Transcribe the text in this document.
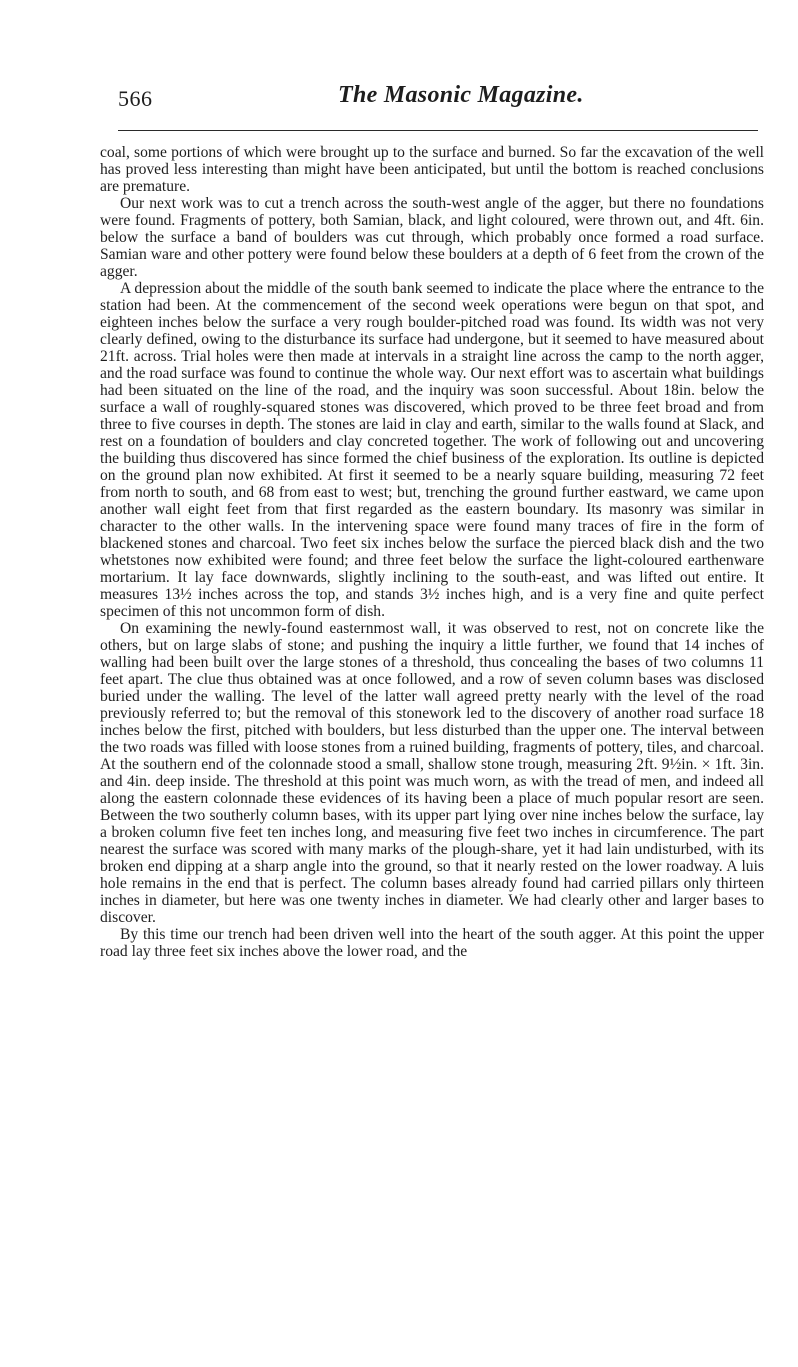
566	The Masonic Magazine.

coal, some portions of which were brought up to the surface and burned. So far the excavation of the well has proved less interesting than might have been anticipated, but until the bottom is reached conclusions are premature.

Our next work was to cut a trench across the south-west angle of the agger, but there no foundations were found. Fragments of pottery, both Samian, black, and light coloured, were thrown out, and 4ft. 6in. below the surface a band of boulders was cut through, which probably once formed a road surface. Samian ware and other pottery were found below these boulders at a depth of 6 feet from the crown of the agger.

A depression about the middle of the south bank seemed to indicate the place where the entrance to the station had been. At the commencement of the second week operations were begun on that spot, and eighteen inches below the surface a very rough boulder-pitched road was found. Its width was not very clearly defined, owing to the disturbance its surface had undergone, but it seemed to have measured about 21ft. across. Trial holes were then made at intervals in a straight line across the camp to the north agger, and the road surface was found to continue the whole way. Our next effort was to ascertain what buildings had been situated on the line of the road, and the inquiry was soon successful. About 18in. below the surface a wall of roughly-squared stones was discovered, which proved to be three feet broad and from three to five courses in depth. The stones are laid in clay and earth, similar to the walls found at Slack, and rest on a foundation of boulders and clay concreted together. The work of following out and uncovering the building thus discovered has since formed the chief business of the exploration. Its outline is depicted on the ground plan now exhibited. At first it seemed to be a nearly square building, measuring 72 feet from north to south, and 68 from east to west; but, trenching the ground further eastward, we came upon another wall eight feet from that first regarded as the eastern boundary. Its masonry was similar in character to the other walls. In the intervening space were found many traces of fire in the form of blackened stones and charcoal. Two feet six inches below the surface the pierced black dish and the two whetstones now exhibited were found; and three feet below the surface the light-coloured earthenware mortarium. It lay face downwards, slightly inclining to the south-east, and was lifted out entire. It measures 13½ inches across the top, and stands 3½ inches high, and is a very fine and quite perfect specimen of this not uncommon form of dish.

On examining the newly-found easternmost wall, it was observed to rest, not on concrete like the others, but on large slabs of stone; and pushing the inquiry a little further, we found that 14 inches of walling had been built over the large stones of a threshold, thus concealing the bases of two columns 11 feet apart. The clue thus obtained was at once followed, and a row of seven column bases was disclosed buried under the walling. The level of the latter wall agreed pretty nearly with the level of the road previously referred to; but the removal of this stonework led to the discovery of another road surface 18 inches below the first, pitched with boulders, but less disturbed than the upper one. The interval between the two roads was filled with loose stones from a ruined building, fragments of pottery, tiles, and charcoal. At the southern end of the colonnade stood a small, shallow stone trough, measuring 2ft. 9½in. × 1ft. 3in. and 4in. deep inside. The threshold at this point was much worn, as with the tread of men, and indeed all along the eastern colonnade these evidences of its having been a place of much popular resort are seen. Between the two southerly column bases, with its upper part lying over nine inches below the surface, lay a broken column five feet ten inches long, and measuring five feet two inches in circumference. The part nearest the surface was scored with many marks of the plough-share, yet it had lain undisturbed, with its broken end dipping at a sharp angle into the ground, so that it nearly rested on the lower roadway. A luis hole remains in the end that is perfect. The column bases already found had carried pillars only thirteen inches in diameter, but here was one twenty inches in diameter. We had clearly other and larger bases to discover.

By this time our trench had been driven well into the heart of the south agger. At this point the upper road lay three feet six inches above the lower road, and the
